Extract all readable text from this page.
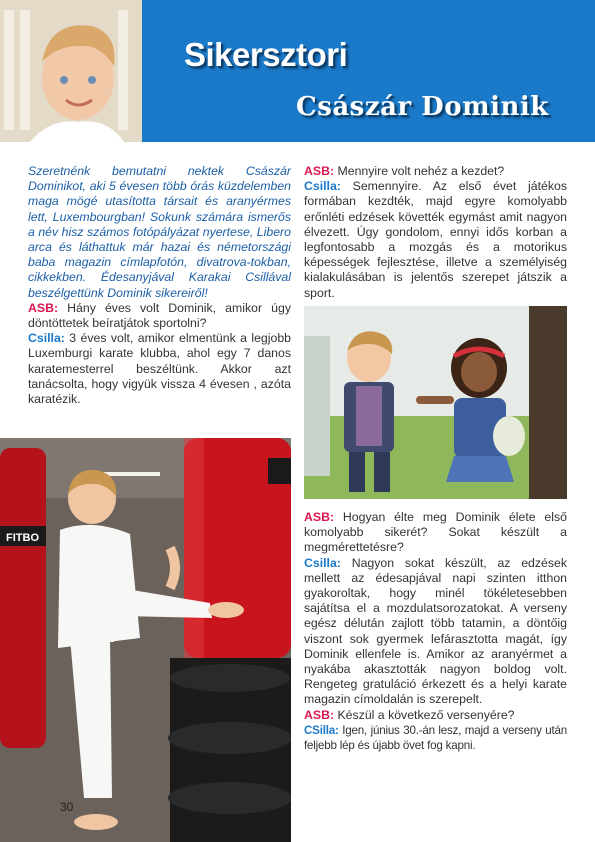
Sikersztori
Császár Dominik

Szeretnénk bemutatni nektek Császár Dominikot, aki 5 évesen több órás küzdelemben maga mögé utasította társait és aranyérmes lett, Luxembourgban! Sokunk számára ismerős a név hisz számos fotópályázat nyertese, Libero arca és láthattuk már hazai és németországi baba magazin címlapfotón, divatrova-tokban, cikkekben. Édesanyjával Karakai Csillával beszélgettünk Dominik sikereiről!

ASB: Hány éves volt Dominik, amikor úgy döntöttetek beíratjátok sportolni?

Csilla: 3 éves volt, amikor elmentünk a legjobb Luxemburgi karate klubba, ahol egy 7 danos karatemesterrel beszéltünk. Akkor azt tanácsolta, hogy vigyük vissza 4 évesen , azóta karatézik.

ASB: Mennyire volt nehéz a kezdet?

Csilla: Semennyire. Az első évet játékos formában kezdték, majd egyre komolyabb erőnléti edzések követték egymást amit nagyon élvezett. Úgy gondolom, ennyi idős korban a legfontosabb a mozgás és a motorikus képességek fejlesztése, illetve a személyiség kialakulásában is jelentős szerepet játszik a sport.

ASB: Hogyan élte meg Dominik élete első komolyabb sikerét? Sokat készült a megmérettetésre?

Csilla: Nagyon sokat készült, az edzések mellett az édesapjával napi szinten itthon gyakoroltak, hogy minél tökéletesebben sajátítsa el a mozdulatsorozatokat. A verseny egész délután zajlott több tatamin, a döntőig viszont sok gyermek lefárasztotta magát, így Dominik ellenfele is. Amikor az aranyérmet a nyakába akasztották nagyon boldog volt. Rengeteg gratuláció érkezett és a helyi karate magazin címoldalán is szerepelt.

ASB: Készül a következő versenyére?

CSilla: Igen, június 30.-án lesz, majd a verseny után feljebb lép és újabb övet fog kapni.

FITBO
30
